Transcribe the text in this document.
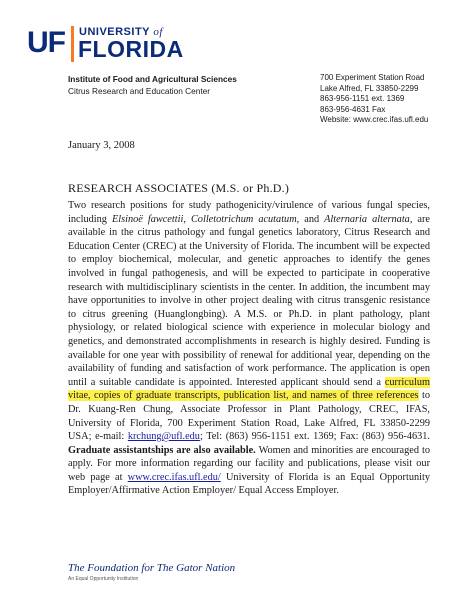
UF UNIVERSITY of
FLORIDA
Institute of Food and Agricultural Sciences
Citrus Research and Education Center
700 Experiment Station Road
Lake Alfred, FL 33850-2299
863-956-1151 ext. 1369
863-956-4631 Fax
Website: www.crec.ifas.ufl.edu
January 3, 2008
RESEARCH ASSOCIATES (M.S. or Ph.D.)
Two research positions for study pathogenicity/virulence of various fungal species, including Elsinoë fawcettii, Colletotrichum acutatum, and Alternaria alternata, are available in the citrus pathology and fungal genetics laboratory, Citrus Research and Education Center (CREC) at the University of Florida. The incumbent will be expected to employ biochemical, molecular, and genetic approaches to identify the genes involved in fungal pathogenesis, and will be expected to participate in cooperative research with multidisciplinary scientists in the center. In addition, the incumbent may have opportunities to involve in other project dealing with citrus transgenic resistance to citrus greening (Huanglongbing). A M.S. or Ph.D. in plant pathology, plant physiology, or related biological science with experience in molecular biology and genetics, and demonstrated accomplishments in research is highly desired. Funding is available for one year with possibility of renewal for additional year, depending on the availability of funding and satisfaction of work performance. The application is open until a suitable candidate is appointed. Interested applicant should send a curriculum vitae, copies of graduate transcripts, publication list, and names of three references to Dr. Kuang-Ren Chung, Associate Professor in Plant Pathology, CREC, IFAS, University of Florida, 700 Experiment Station Road, Lake Alfred, FL 33850-2299 USA; e-mail: krchung@ufl.edu; Tel: (863) 956-1151 ext. 1369; Fax: (863) 956-4631. Graduate assistantships are also available. Women and minorities are encouraged to apply. For more information regarding our facility and publications, please visit our web page at www.crec.ifas.ufl.edu/ University of Florida is an Equal Opportunity Employer/Affirmative Action Employer/ Equal Access Employer.
The Foundation for The Gator Nation
An Equal Opportunity Institution
